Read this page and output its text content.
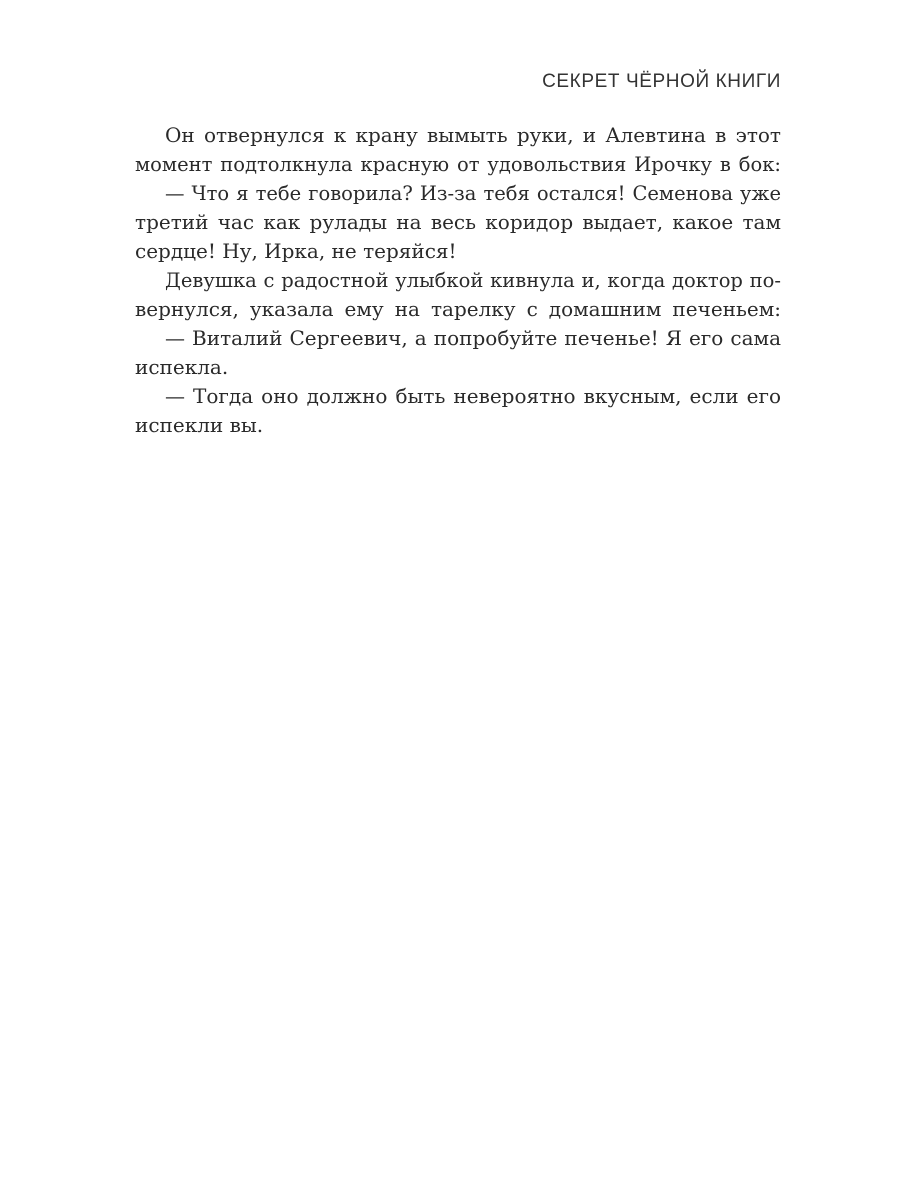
СЕКРЕТ ЧЁРНОЙ КНИГИ
Он отвернулся к крану вымыть руки, и Алевтина в этот
момент подтолкнула красную от удовольствия Ирочку в бок:
— Что я тебе говорила? Из-за тебя остался! Семенова уже
третий час как рулады на весь коридор выдает, какое там
сердце! Ну, Ирка, не теряйся!
Девушка с радостной улыбкой кивнула и, когда доктор по-
вернулся, указала ему на тарелку с домашним печеньем:
— Виталий Сергеевич, а попробуйте печенье! Я его сама
испекла.
— Тогда оно должно быть невероятно вкусным, если его
испекли вы.
